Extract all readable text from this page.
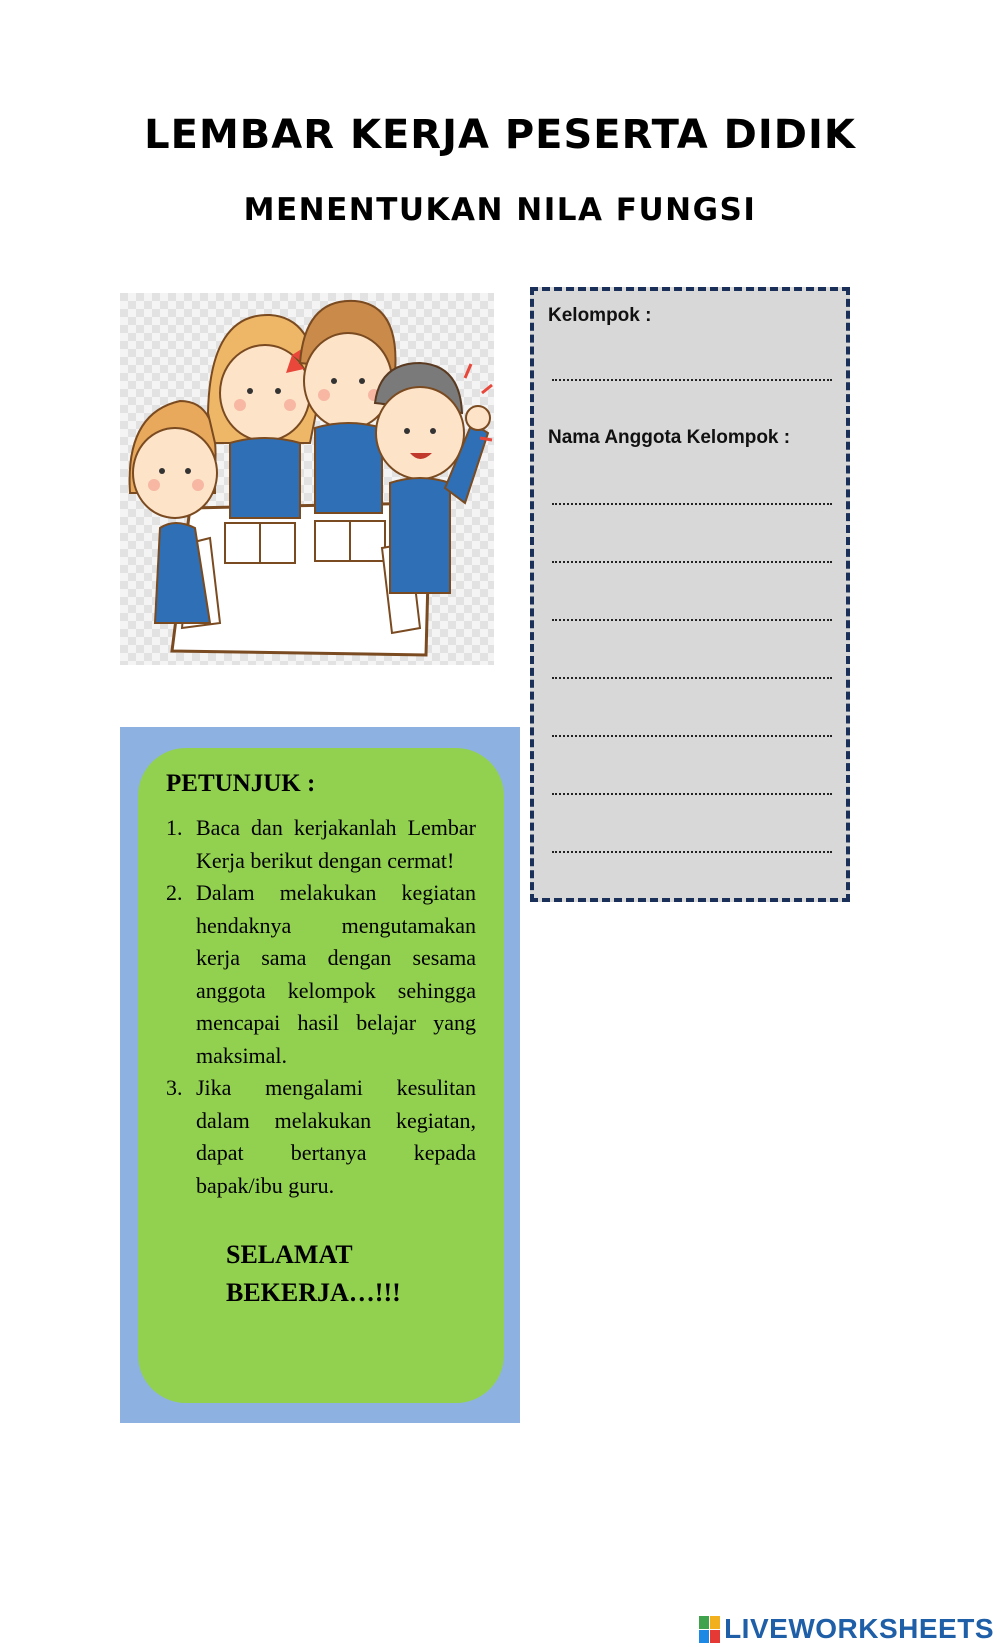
LEMBAR KERJA PESERTA DIDIK
MENENTUKAN NILA FUNGSI
Kelompok :
Nama Anggota Kelompok :

PETUNJUK :

1. Baca dan kerjakanlah Lembar Kerja berikut dengan cermat!
2. Dalam melakukan kegiatan hendaknya mengutamakan kerja sama dengan sesama anggota kelompok sehingga mencapai hasil belajar yang maksimal.
3. Jika mengalami kesulitan dalam melakukan kegiatan, dapat bertanya kepada bapak/ibu guru.
SELAMAT BEKERJA…!!!
LIVEWORKSHEETS
